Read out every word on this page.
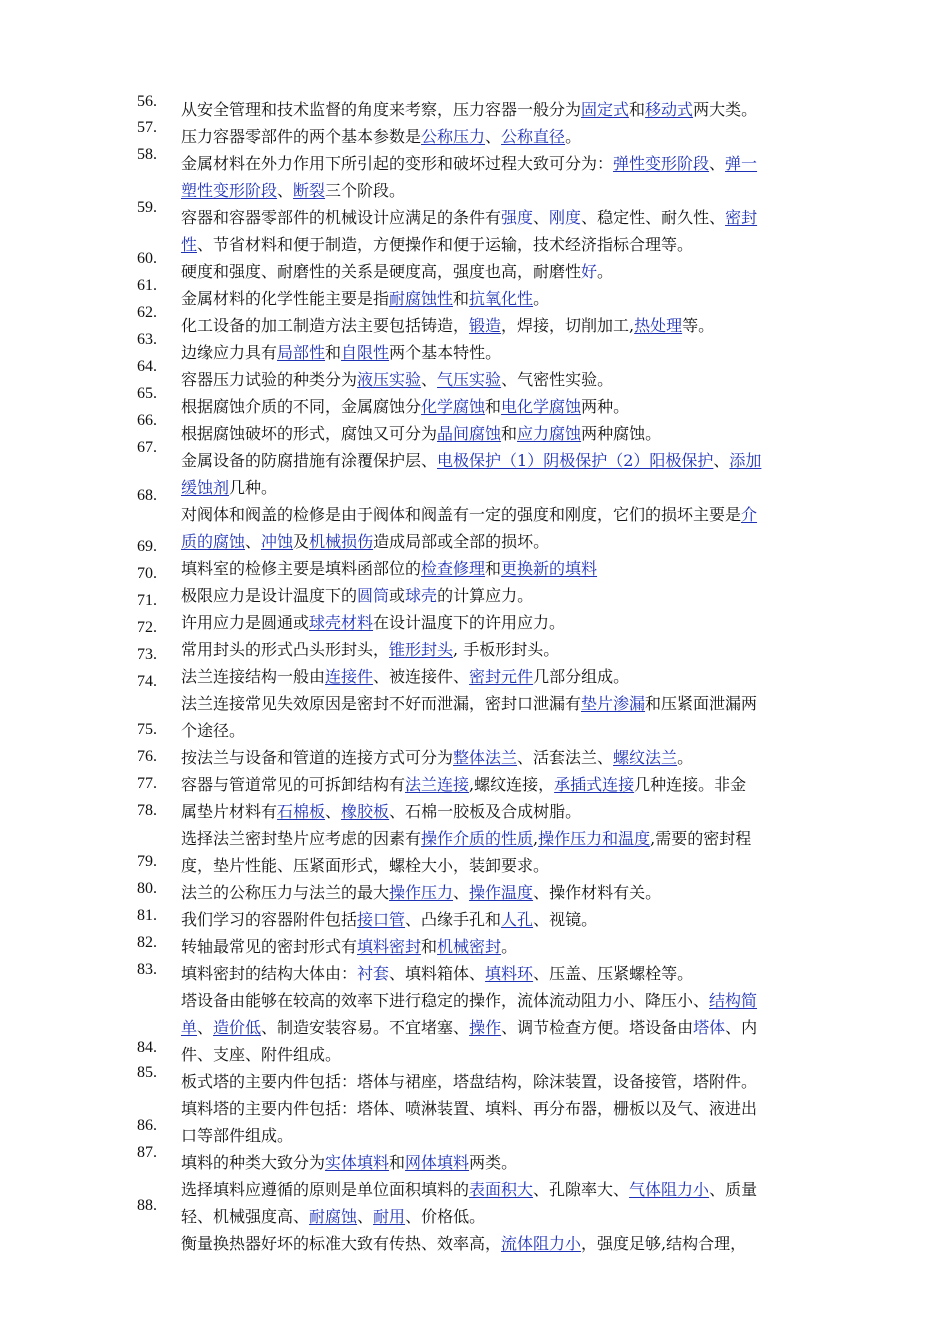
56.
57.
58.
59.
60.
61.
62.
63.
64.
65.
66.
67.
68.
69.
70.
71.
72.
73.
74.
75.
76.
77.
78.
79.
80.
81.
82.
83.
84.
85.
86.
87.
88.
从安全管理和技术监督的角度来考察，压力容器一般分为固定式和移动式两大类。
压力容器零部件的两个基本参数是公称压力、公称直径。
金属材料在外力作用下所引起的变形和破坏过程大致可分为：弹性变形阶段、弹一
塑性变形阶段、断裂三个阶段。
容器和容器零部件的机械设计应满足的条件有强度、刚度、稳定性、耐久性、密封
性、节省材料和便于制造，方便操作和便于运输，技术经济指标合理等。
硬度和强度、耐磨性的关系是硬度高，强度也高，耐磨性好。
金属材料的化学性能主要是指耐腐蚀性和抗氧化性。
化工设备的加工制造方法主要包括铸造，锻造，焊接，切削加工,热处理等。
边缘应力具有局部性和自限性两个基本特性。
容器压力试验的种类分为液压实验、气压实验、气密性实验。
根据腐蚀介质的不同，金属腐蚀分化学腐蚀和电化学腐蚀两种。
根据腐蚀破坏的形式，腐蚀又可分为晶间腐蚀和应力腐蚀两种腐蚀。
金属设备的防腐措施有涂覆保护层、电极保护（1）阴极保护（2）阳极保护、添加
缓蚀剂几种。
对阀体和阀盖的检修是由于阀体和阀盖有一定的强度和刚度，它们的损坏主要是介
质的腐蚀、冲蚀及机械损伤造成局部或全部的损坏。
填料室的检修主要是填料函部位的检查修理和更换新的填料
极限应力是设计温度下的圆筒或球壳的计算应力。
许用应力是圆通或球壳材料在设计温度下的许用应力。
常用封头的形式凸头形封头，锥形封头, 手板形封头。
法兰连接结构一般由连接件、被连接件、密封元件几部分组成。
法兰连接常见失效原因是密封不好而泄漏，密封口泄漏有垫片渗漏和压紧面泄漏两
个途径。
按法兰与设备和管道的连接方式可分为整体法兰、活套法兰、螺纹法兰。
容器与管道常见的可拆卸结构有法兰连接,螺纹连接，承插式连接几种连接。非金
属垫片材料有石棉板、橡胶板、石棉一胶板及合成树脂。
选择法兰密封垫片应考虑的因素有操作介质的性质,操作压力和温度,需要的密封程
度，垫片性能、压紧面形式，螺栓大小，装卸要求。
法兰的公称压力与法兰的最大操作压力、操作温度、操作材料有关。
我们学习的容器附件包括接口管、凸缘手孔和人孔、视镜。
转轴最常见的密封形式有填料密封和机械密封。
填料密封的结构大体由：衬套、填料箱体、填料环、压盖、压紧螺栓等。
塔设备由能够在较高的效率下进行稳定的操作，流体流动阻力小、降压小、结构简
单、造价低、制造安装容易。不宜堵塞、操作、调节检查方便。塔设备由塔体、内
件、支座、附件组成。
板式塔的主要内件包括：塔体与裙座，塔盘结构，除沫装置，设备接管，塔附件。
填料塔的主要内件包括：塔体、喷淋装置、填料、再分布器，栅板以及气、液进出
口等部件组成。
填料的种类大致分为实体填料和网体填料两类。
选择填料应遵循的原则是单位面积填料的表面积大、孔隙率大、气体阻力小、质量
轻、机械强度高、耐腐蚀、耐用、价格低。
衡量换热器好坏的标准大致有传热、效率高，流体阻力小，强度足够,结构合理，
